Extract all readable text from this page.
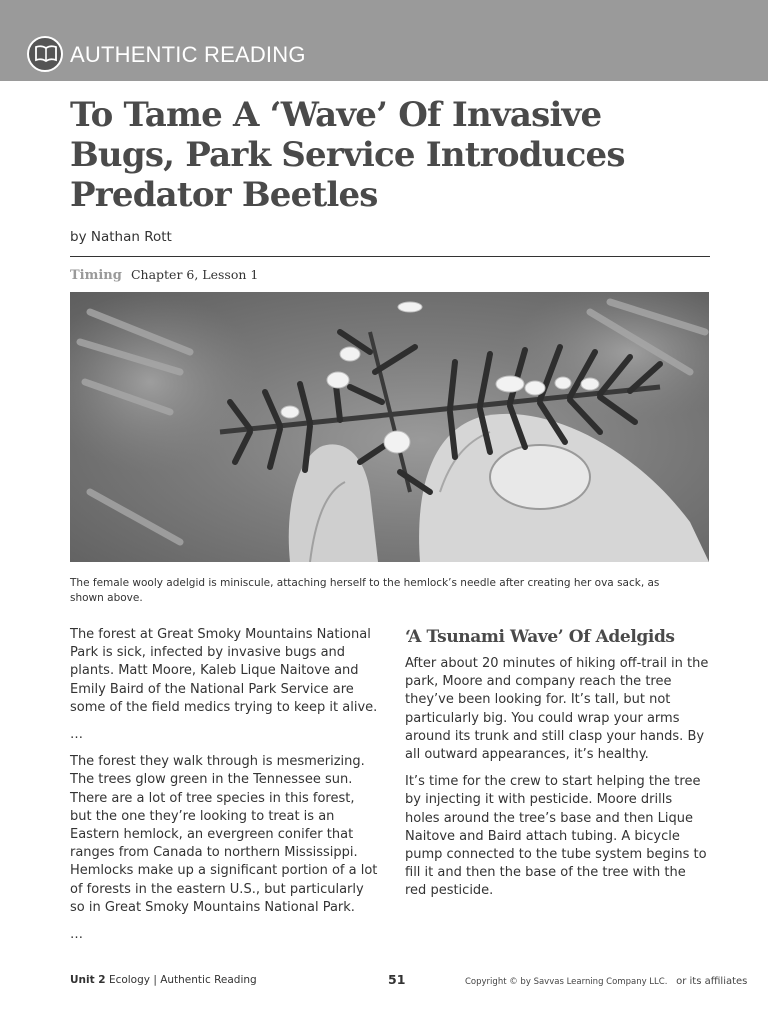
AUTHENTIC READING
To Tame A ‘Wave’ Of Invasive Bugs, Park Service Introduces Predator Beetles
by Nathan Rott
Timing Chapter 6, Lesson 1
The female wooly adelgid is miniscule, attaching herself to the hemlock’s needle after creating her ova sack, as shown above.

The forest at Great Smoky Mountains National Park is sick, infected by invasive bugs and plants. Matt Moore, Kaleb Lique Naitove and Emily Baird of the National Park Service are some of the field medics trying to keep it alive.

…

The forest they walk through is mesmerizing. The trees glow green in the Tennessee sun. There are a lot of tree species in this forest, but the one they’re looking to treat is an Eastern hemlock, an evergreen conifer that ranges from Canada to northern Mississippi. Hemlocks make up a significant portion of a lot of forests in the eastern U.S., but particularly so in Great Smoky Mountains National Park.

…
‘A Tsunami Wave’ Of Adelgids

After about 20 minutes of hiking off-trail in the park, Moore and company reach the tree they’ve been looking for. It’s tall, but not particularly big. You could wrap your arms around its trunk and still clasp your hands. By all outward appearances, it’s healthy.

It’s time for the crew to start helping the tree by injecting it with pesticide. Moore drills holes around the tree’s base and then Lique Naitove and Baird attach tubing. A bicycle pump connected to the tube system begins to fill it and then the base of the tree with the red pesticide.

Unit 2 Ecology | Authentic Reading	51	Copyright © by Savvas Learning Company LLC. or its affiliates
